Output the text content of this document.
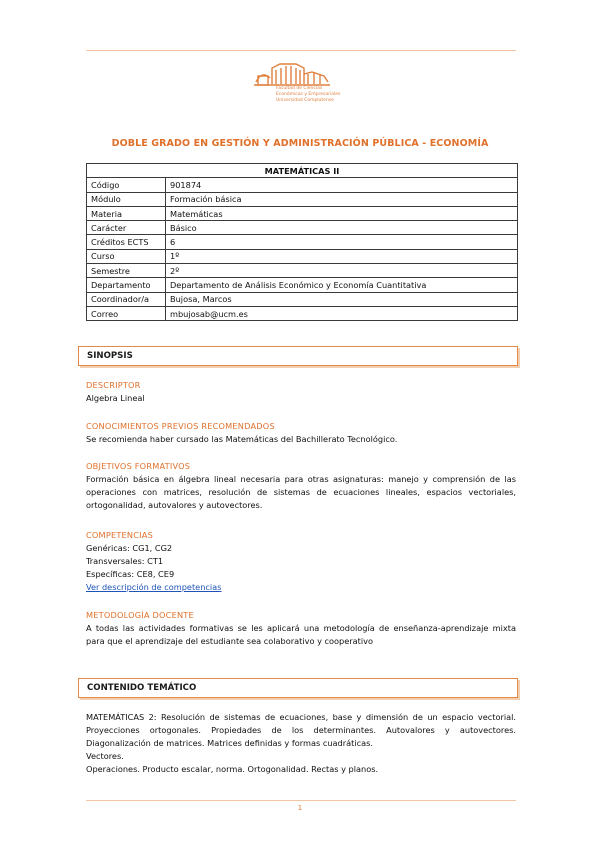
Facultad de Ciencias
Económicas y Empresariales
Universidad Complutense
DOBLE GRADO EN GESTIÓN Y ADMINISTRACIÓN PÚBLICA - ECONOMÍA
MATEMÁTICAS II	
Código	901874
Módulo	Formación básica
Materia	Matemáticas
Carácter	Básico
Créditos ECTS	6
Curso	1º
Semestre	2º
Departamento	Departamento de Análisis Económico y Economía Cuantitativa
Coordinador/a	Bujosa, Marcos
Correo	mbujosab@ucm.es
SINOPSIS
DESCRIPTOR
Algebra Lineal
CONOCIMIENTOS PREVIOS RECOMENDADOS
Se recomienda haber cursado las Matemáticas del Bachillerato Tecnológico.
OBJETIVOS FORMATIVOS
Formación básica en álgebra lineal necesaria para otras asignaturas: manejo y comprensión de las operaciones con matrices, resolución de sistemas de ecuaciones lineales, espacios vectoriales, ortogonalidad, autovalores y autovectores.
COMPETENCIAS
Genéricas: CG1, CG2
Transversales: CT1
Específicas: CE8, CE9
Ver descripción de competencias
METODOLOGÍA DOCENTE
A todas las actividades formativas se les aplicará una metodología de enseñanza-aprendizaje mixta para que el aprendizaje del estudiante sea colaborativo y cooperativo
CONTENIDO TEMÁTICO
MATEMÁTICAS 2: Resolución de sistemas de ecuaciones, base y dimensión de un espacio vectorial. Proyecciones ortogonales. Propiedades de los determinantes. Autovalores y autovectores. Diagonalización de matrices. Matrices definidas y formas cuadráticas.
Vectores.
Operaciones. Producto escalar, norma. Ortogonalidad. Rectas y planos.
1
